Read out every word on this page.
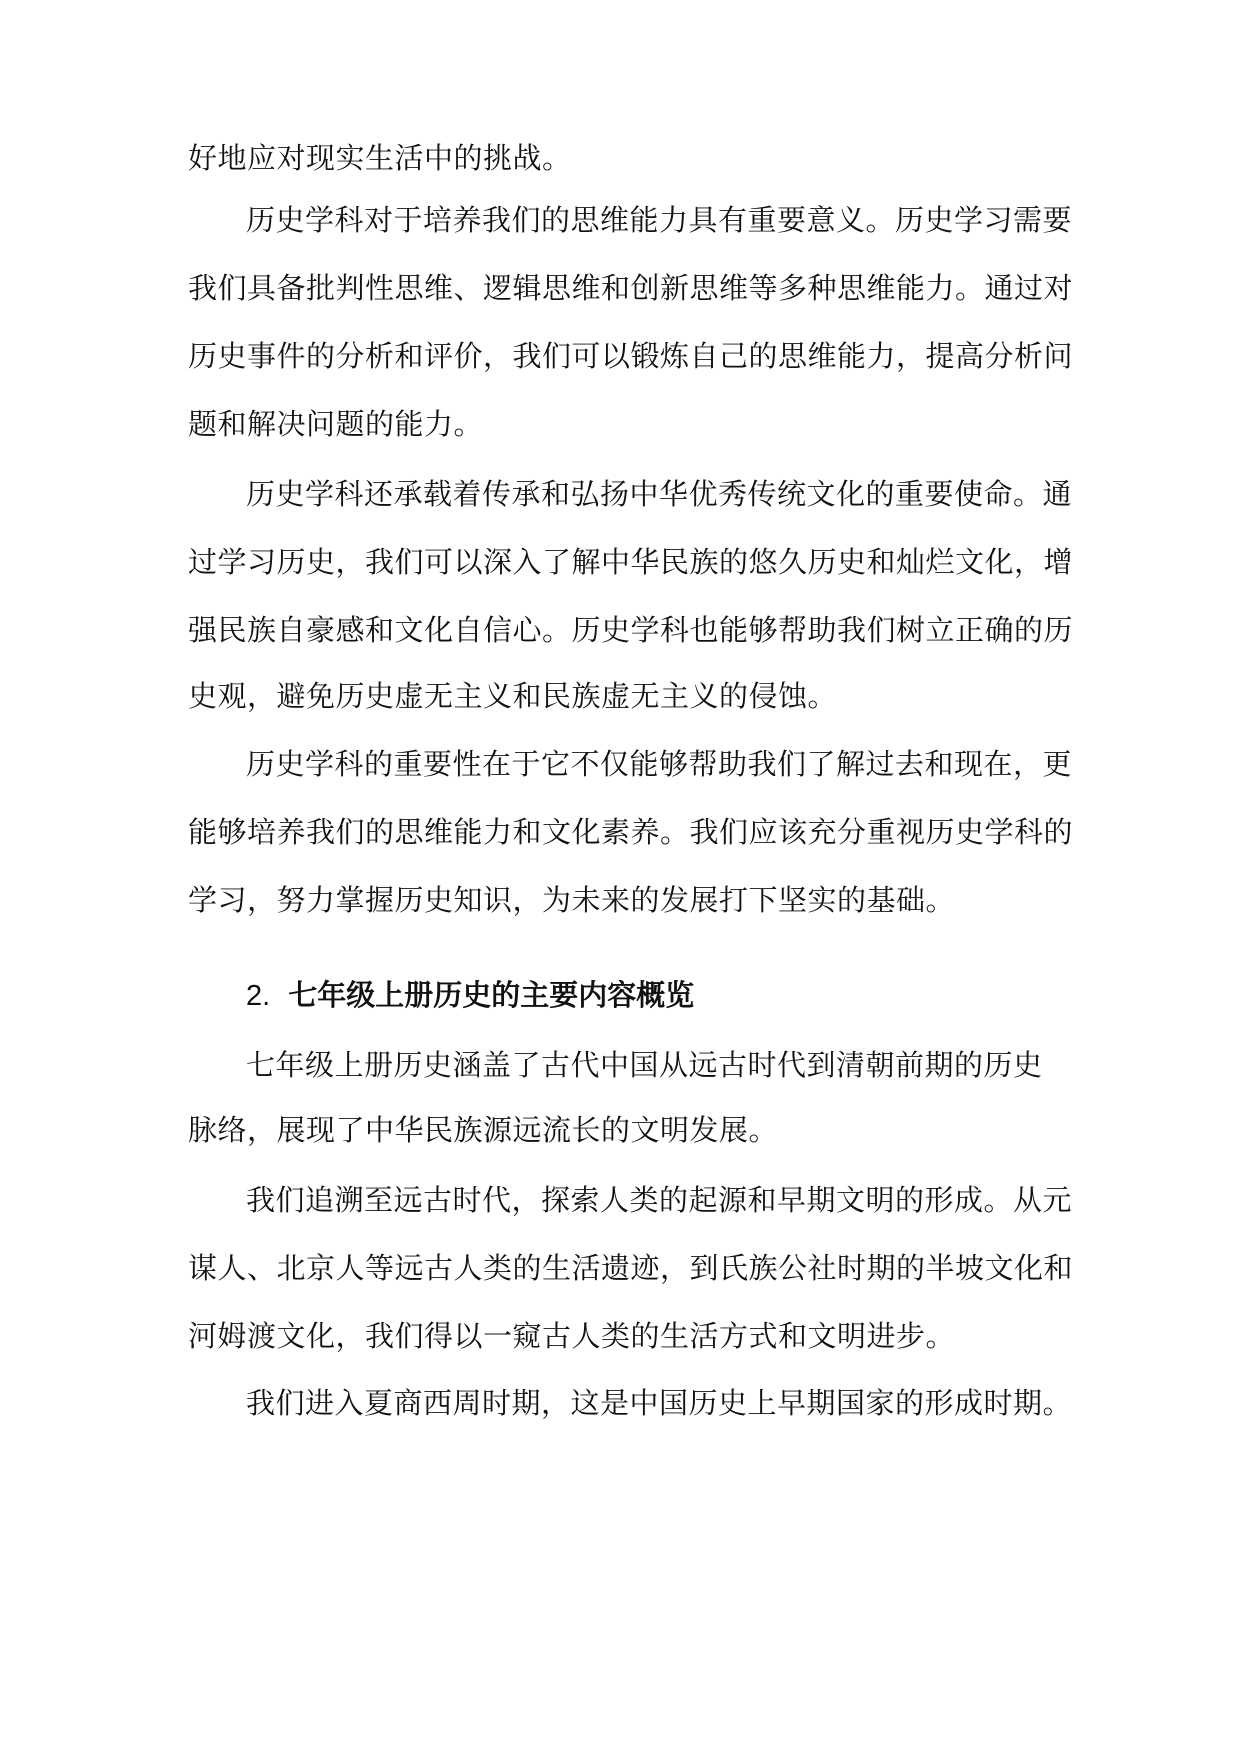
好地应对现实生活中的挑战。
历史学科对于培养我们的思维能力具有重要意义。历史学习需要
我们具备批判性思维、逻辑思维和创新思维等多种思维能力。通过对
历史事件的分析和评价，我们可以锻炼自己的思维能力，提高分析问
题和解决问题的能力。
历史学科还承载着传承和弘扬中华优秀传统文化的重要使命。通
过学习历史，我们可以深入了解中华民族的悠久历史和灿烂文化，增
强民族自豪感和文化自信心。历史学科也能够帮助我们树立正确的历
史观，避免历史虚无主义和民族虚无主义的侵蚀。
历史学科的重要性在于它不仅能够帮助我们了解过去和现在，更
能够培养我们的思维能力和文化素养。我们应该充分重视历史学科的
学习，努力掌握历史知识，为未来的发展打下坚实的基础。
2. 七年级上册历史的主要内容概览
七年级上册历史涵盖了古代中国从远古时代到清朝前期的历史
脉络，展现了中华民族源远流长的文明发展。
我们追溯至远古时代，探索人类的起源和早期文明的形成。从元
谋人、北京人等远古人类的生活遗迹，到氏族公社时期的半坡文化和
河姆渡文化，我们得以一窥古人类的生活方式和文明进步。
我们进入夏商西周时期，这是中国历史上早期国家的形成时期。
